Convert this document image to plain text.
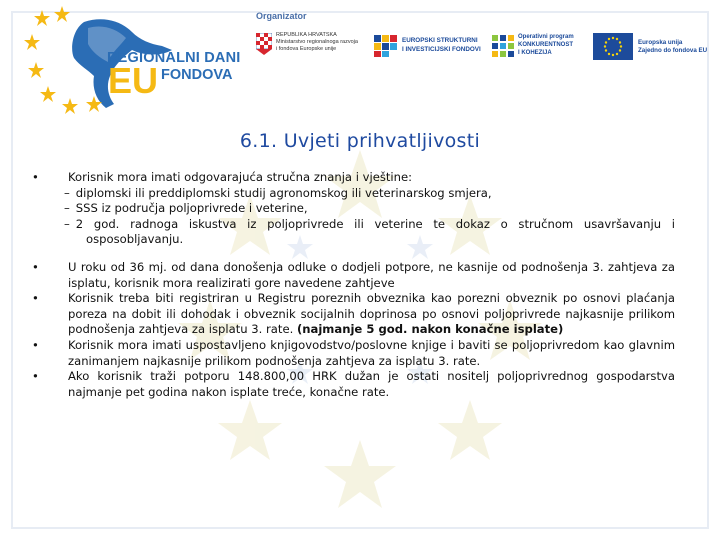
REGIONALNI DANI
EU FONDOVA
Organizator
REPUBLIKA HRVATSKA
Ministarstvo regionalnoga razvoja
i fondova Europske unije
EUROPSKI STRUKTURNI
I INVESTICIJSKI FONDOVI
Operativni program
KONKURENTNOST
I KOHEZIJA
Europska unija
Zajedno do fondova EU
6.1. Uvjeti prihvatljivosti
•	Korisnik mora imati odgovarajuća stručna znanja i vještine:

– diplomski ili preddiplomski studij agronomskog ili veterinarskog smjera,

– SSS iz područja poljoprivrede i veterine,

– 2 god. radnoga iskustva iz poljoprivrede ili veterine te dokaz o stručnom usavršavanju i

osposobljavanju.

•	U roku od 36 mj. od dana donošenja odluke o dodjeli potpore, ne kasnije od podnošenja 3. zahtjeva za isplatu, korisnik mora realizirati gore navedene zahtjeve
•	Korisnik treba biti registriran u Registru poreznih obveznika kao porezni obveznik po osnovi plaćanja poreza na dobit ili dohodak i obveznik socijalnih doprinosa po osnovi poljoprivrede najkasnije prilikom podnošenja zahtjeva za isplatu 3. rate. (najmanje 5 god. nakon konačne isplate)
•	Korisnik mora imati uspostavljeno knjigovodstvo/poslovne knjige i baviti se poljoprivredom kao glavnim zanimanjem najkasnije prilikom podnošenja zahtjeva za isplatu 3. rate.
•	Ako korisnik traži potporu 148.800,00 HRK dužan je ostati nositelj poljoprivrednog gospodarstva najmanje pet godina nakon isplate treće, konačne rate.
